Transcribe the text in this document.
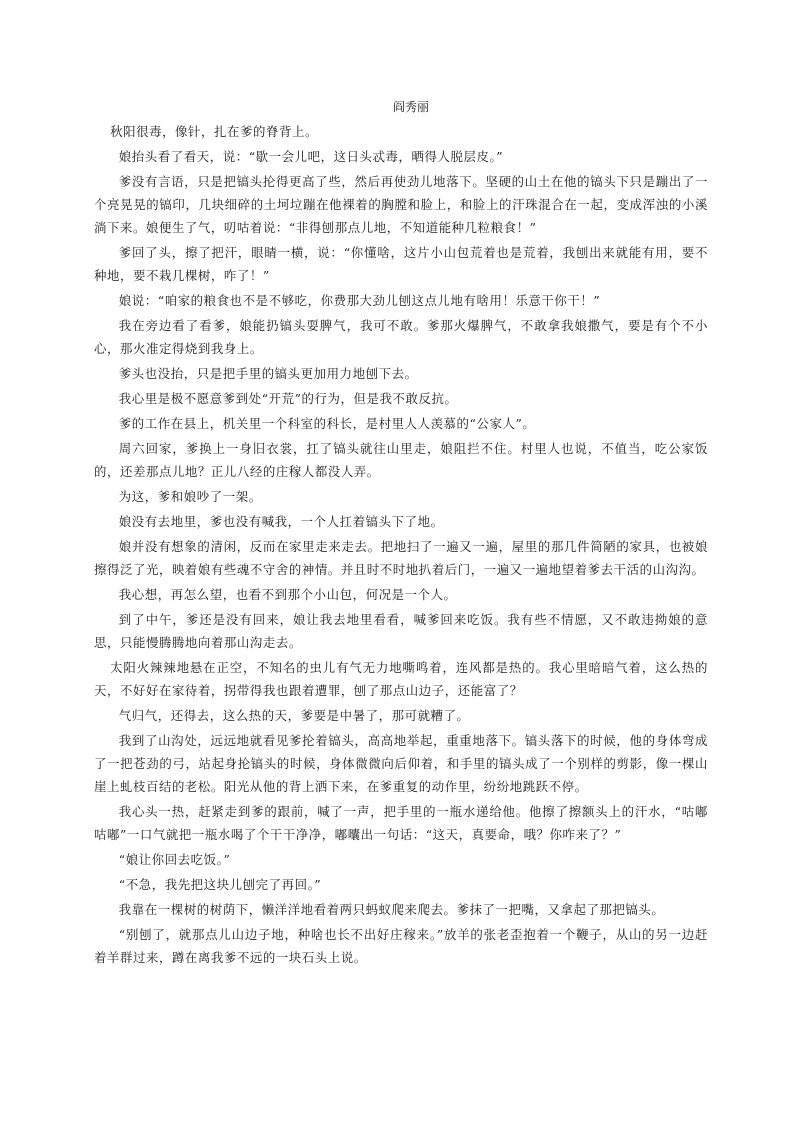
阎秀丽

秋阳很毒，像针，扎在爹的脊背上。

娘抬头看了看天，说：“歇一会儿吧，这日头忒毒，晒得人脱层皮。”

爹没有言语，只是把镐头抡得更高了些，然后再使劲儿地落下。坚硬的山土在他的镐头下只是蹦出了一个亮晃晃的镐印，几块细碎的土坷垃蹦在他裸着的胸膛和脸上，和脸上的汗珠混合在一起，变成浑浊的小溪淌下来。娘便生了气，叨咕着说：“非得刨那点儿地，不知道能种几粒粮食！”

爹回了头，擦了把汗，眼睛一横，说：“你懂啥，这片小山包荒着也是荒着，我刨出来就能有用，要不种地，要不栽几棵树，咋了！”

娘说：“咱家的粮食也不是不够吃，你费那大劲儿刨这点儿地有啥用！乐意干你干！”

我在旁边看了看爹，娘能扔镐头耍脾气，我可不敢。爹那火爆脾气，不敢拿我娘撒气，要是有个不小心，那火准定得烧到我身上。

爹头也没抬，只是把手里的镐头更加用力地刨下去。

我心里是极不愿意爹到处“开荒”的行为，但是我不敢反抗。

爹的工作在县上，机关里一个科室的科长，是村里人人羡慕的“公家人”。

周六回家，爹换上一身旧衣裳，扛了镐头就往山里走，娘阻拦不住。村里人也说，不值当，吃公家饭的，还差那点儿地？正儿八经的庄稼人都没人弄。

为这，爹和娘吵了一架。

娘没有去地里，爹也没有喊我，一个人扛着镐头下了地。

娘并没有想象的清闲，反而在家里走来走去。把地扫了一遍又一遍，屋里的那几件简陋的家具，也被娘擦得泛了光，映着娘有些魂不守舍的神情。并且时不时地扒着后门，一遍又一遍地望着爹去干活的山沟沟。

我心想，再怎么望，也看不到那个小山包，何况是一个人。

到了中午，爹还是没有回来，娘让我去地里看看，喊爹回来吃饭。我有些不情愿，又不敢违拗娘的意思，只能慢腾腾地向着那山沟走去。

太阳火辣辣地悬在正空，不知名的虫儿有气无力地嘶鸣着，连风都是热的。我心里暗暗气着，这么热的天，不好好在家待着，拐带得我也跟着遭罪，刨了那点山边子，还能富了？

气归气，还得去，这么热的天，爹要是中暑了，那可就糟了。

我到了山沟处，远远地就看见爹抡着镐头，高高地举起，重重地落下。镐头落下的时候，他的身体弯成了一把苍劲的弓，站起身抡镐头的时候，身体微微向后仰着，和手里的镐头成了一个别样的剪影，像一棵山崖上虬枝百结的老松。阳光从他的背上洒下来，在爹重复的动作里，纷纷地跳跃不停。

我心头一热，赶紧走到爹的跟前，喊了一声，把手里的一瓶水递给他。他擦了擦额头上的汗水，“咕嘟咕嘟”一口气就把一瓶水喝了个干干净净，嘟囔出一句话：“这天，真要命，哦？你咋来了？”

“娘让你回去吃饭。”

“不急，我先把这块儿刨完了再回。”

我靠在一棵树的树荫下，懒洋洋地看着两只蚂蚁爬来爬去。爹抹了一把嘴，又拿起了那把镐头。

“别刨了，就那点儿山边子地，种啥也长不出好庄稼来。”放羊的张老歪抱着一个鞭子，从山的另一边赶着羊群过来，蹲在离我爹不远的一块石头上说。
